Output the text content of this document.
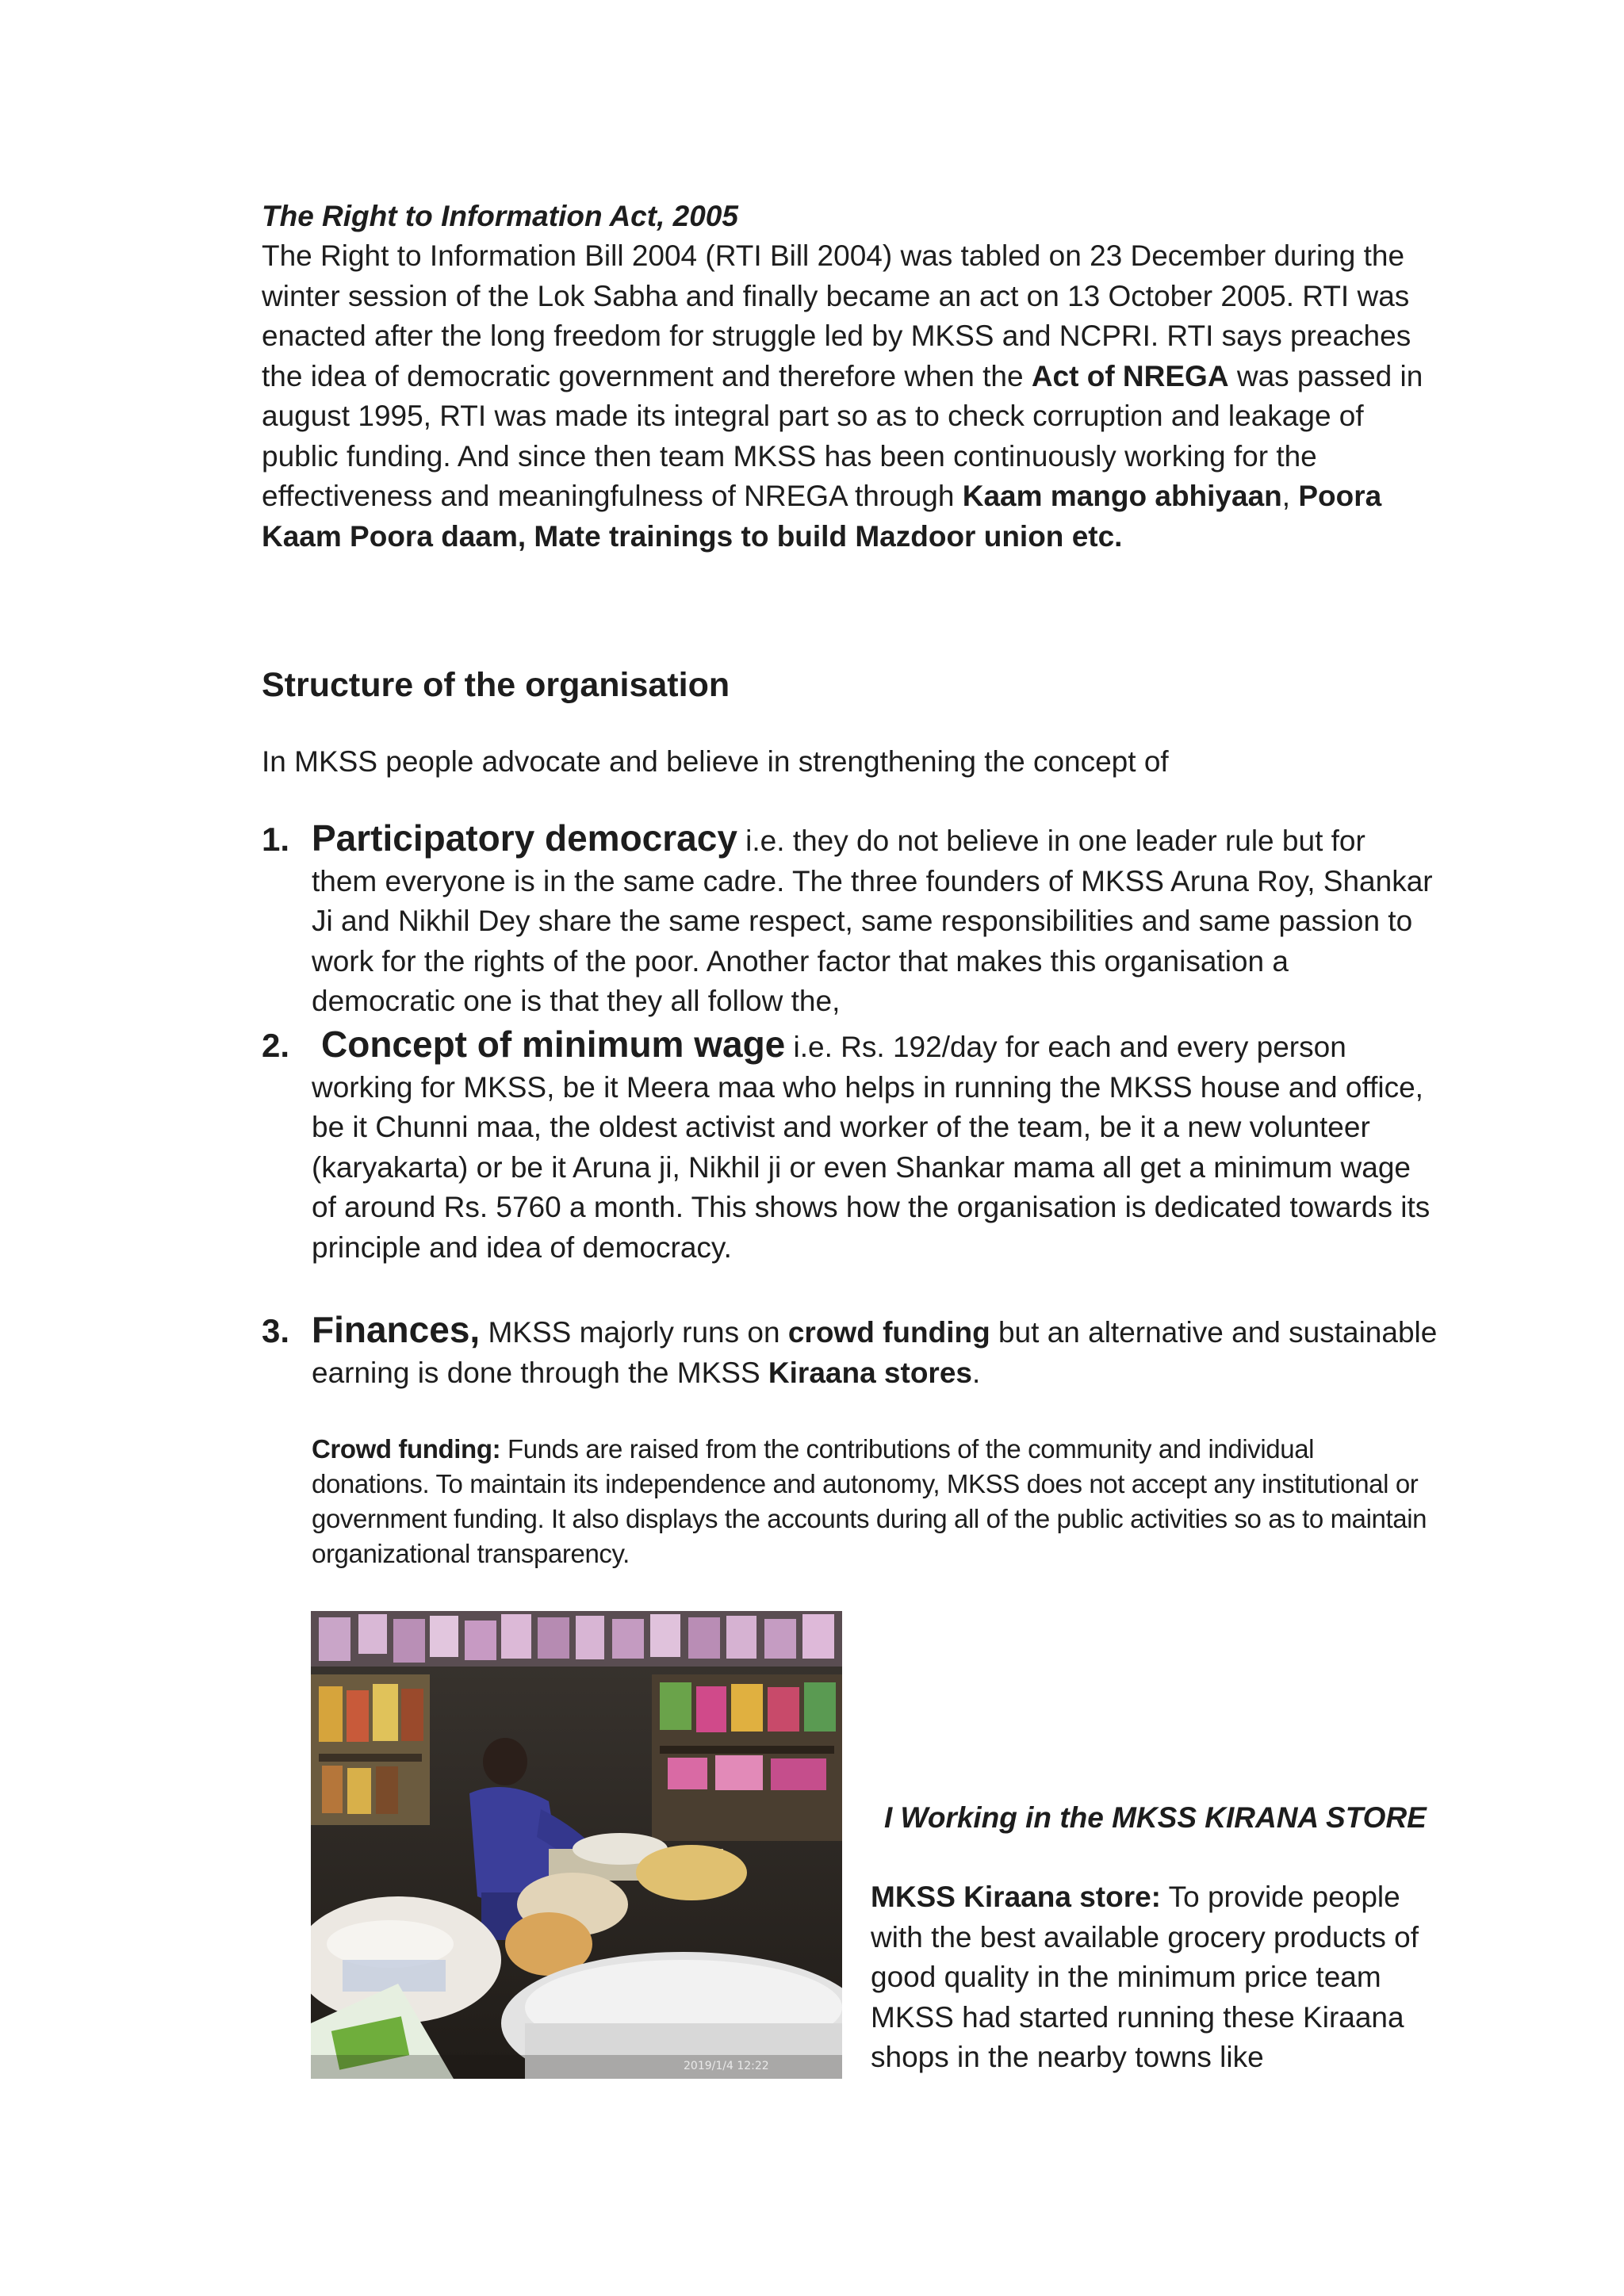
The Right to Information Act, 2005

The Right to Information Bill 2004 (RTI Bill 2004) was tabled on 23 December during the winter session of the Lok Sabha and finally became an act on 13 October 2005. RTI was enacted after the long freedom for struggle led by MKSS and NCPRI. RTI says preaches the idea of democratic government and therefore when the Act of NREGA was passed in august 1995, RTI was made its integral part so as to check corruption and leakage of public funding. And since then team MKSS has been continuously working for the effectiveness and meaningfulness of NREGA through Kaam mango abhiyaan, Poora Kaam Poora daam, Mate trainings to build Mazdoor union etc.

Structure of the organisation

In MKSS people advocate and believe in strengthening the concept of

1. Participatory democracy i.e. they do not believe in one leader rule but for them everyone is in the same cadre. The three founders of MKSS Aruna Roy, Shankar Ji and Nikhil Dey share the same respect, same responsibilities and same passion to work for the rights of the poor. Another factor that makes this organisation a democratic one is that they all follow the,

2. Concept of minimum wage i.e. Rs. 192/day for each and every person working for MKSS, be it Meera maa who helps in running the MKSS house and office, be it Chunni maa, the oldest activist and worker of the team, be it a new volunteer (karyakarta) or be it Aruna ji, Nikhil ji or even Shankar mama all get a minimum wage of around Rs. 5760 a month. This shows how the organisation is dedicated towards its principle and idea of democracy.

3. Finances, MKSS majorly runs on crowd funding but an alternative and sustainable earning is done through the MKSS Kiraana stores.

Crowd funding: Funds are raised from the contributions of the community and individual donations. To maintain its independence and autonomy, MKSS does not accept any institutional or government funding. It also displays the accounts during all of the public activities so as to maintain organizational transparency.

2019/1/4 12:22

I Working in the MKSS KIRANA STORE

MKSS Kiraana store: To provide people with the best available grocery products of good quality in the minimum price team MKSS had started running these Kiraana shops in the nearby towns like
